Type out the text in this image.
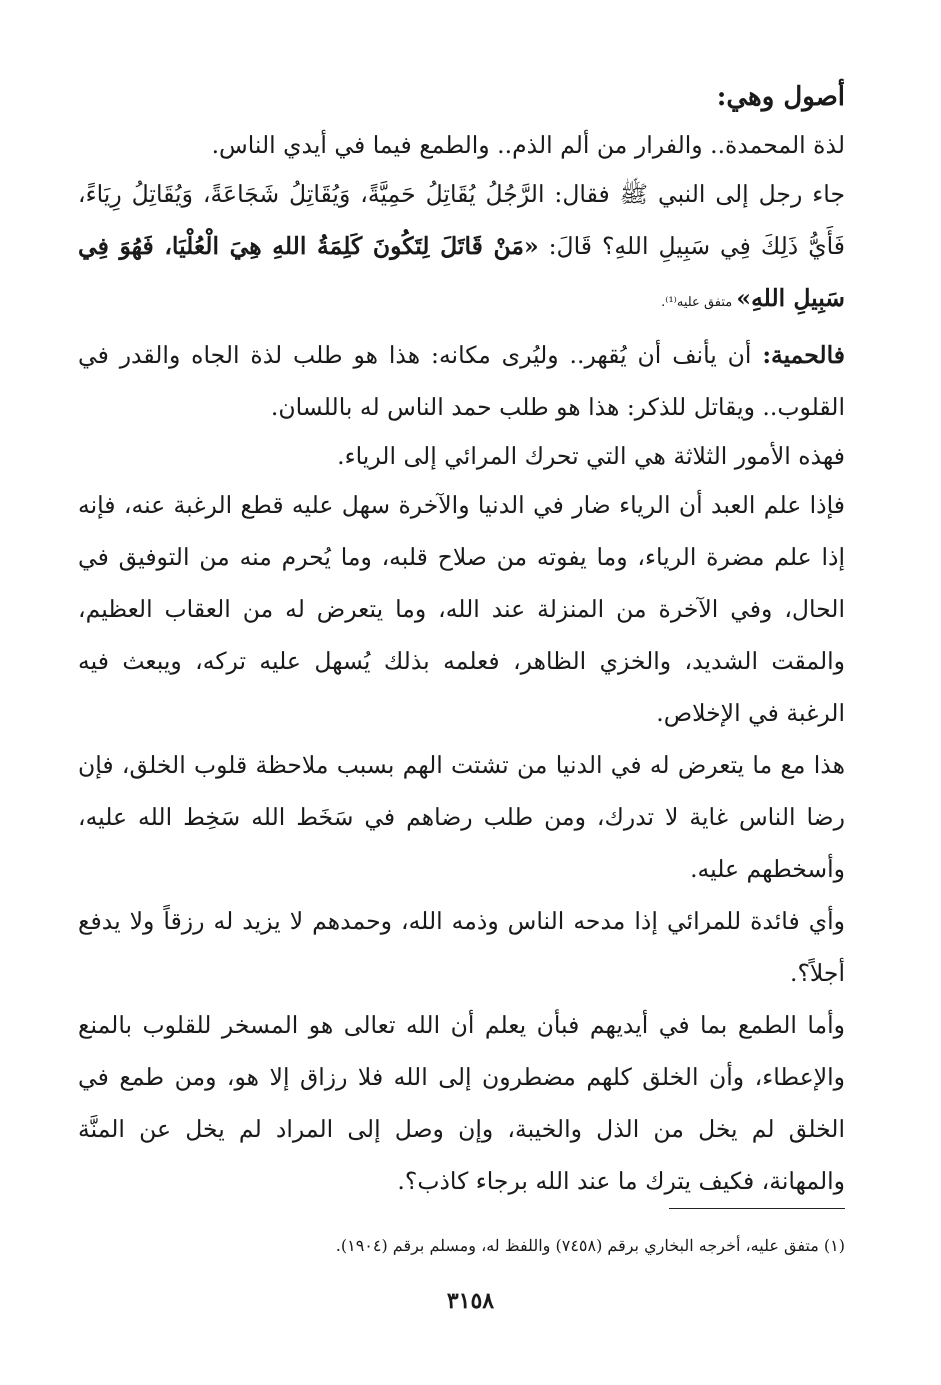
أصول وهي:

لذة المحمدة.. والفرار من ألم الذم.. والطمع فيما في أيدي الناس.

جاء رجل إلى النبي ﷺ فقال: الرَّجُلُ يُقَاتِلُ حَمِيَّةً، وَيُقَاتِلُ شَجَاعَةً، وَيُقَاتِلُ رِيَاءً، فَأَيُّ ذَلِكَ فِي سَبِيلِ اللهِ؟ قَالَ: «مَنْ قَاتَلَ لِتَكُونَ كَلِمَةُ اللهِ هِيَ الْعُلْيَا، فَهُوَ فِي سَبِيلِ اللهِ» متفق عليه⁽¹⁾.

فالحمية: أن يأنف أن يُقهر.. وليُرى مكانه: هذا هو طلب لذة الجاه والقدر في القلوب.. ويقاتل للذكر: هذا هو طلب حمد الناس له باللسان.

فهذه الأمور الثلاثة هي التي تحرك المرائي إلى الرياء.

فإذا علم العبد أن الرياء ضار في الدنيا والآخرة سهل عليه قطع الرغبة عنه، فإنه إذا علم مضرة الرياء، وما يفوته من صلاح قلبه، وما يُحرم منه من التوفيق في الحال، وفي الآخرة من المنزلة عند الله، وما يتعرض له من العقاب العظيم، والمقت الشديد، والخزي الظاهر، فعلمه بذلك يُسهل عليه تركه، ويبعث فيه الرغبة في الإخلاص.

هذا مع ما يتعرض له في الدنيا من تشتت الهم بسبب ملاحظة قلوب الخلق، فإن رضا الناس غاية لا تدرك، ومن طلب رضاهم في سَخَط الله سَخِط الله عليه، وأسخطهم عليه.

وأي فائدة للمرائي إذا مدحه الناس وذمه الله، وحمدهم لا يزيد له رزقاً ولا يدفع أجلاً؟.

وأما الطمع بما في أيديهم فبأن يعلم أن الله تعالى هو المسخر للقلوب بالمنع والإعطاء، وأن الخلق كلهم مضطرون إلى الله فلا رزاق إلا هو، ومن طمع في الخلق لم يخل من الذل والخيبة، وإن وصل إلى المراد لم يخل عن المنَّة والمهانة، فكيف يترك ما عند الله برجاء كاذب؟.

(١) متفق عليه، أخرجه البخاري برقم (٧٤٥٨) واللفظ له، ومسلم برقم (١٩٠٤).
٣١٥٨
